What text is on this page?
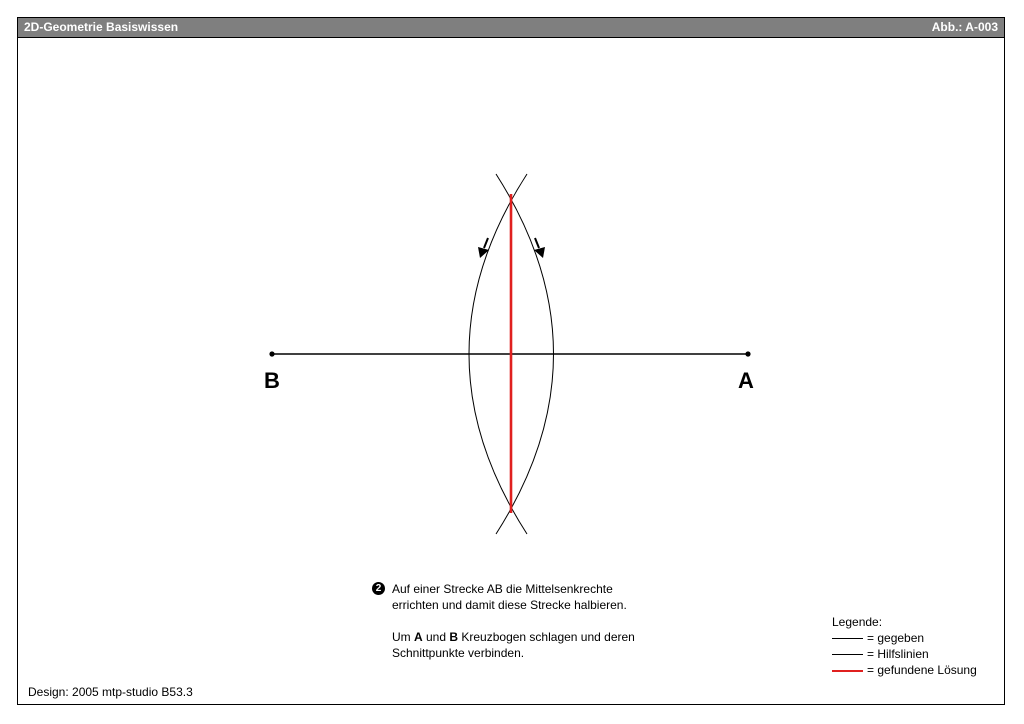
2D-Geometrie Basiswissen	Abb.: A-003
B	A
2 Auf einer Strecke AB die Mittelsenkrechte
errichten und damit diese Strecke halbieren.

Um A und B Kreuzbogen schlagen und deren
Schnittpunkte verbinden.

Legende:
= gegeben
= Hilfslinien
= gefundene Lösung
Design: 2005 mtp-studio B53.3
